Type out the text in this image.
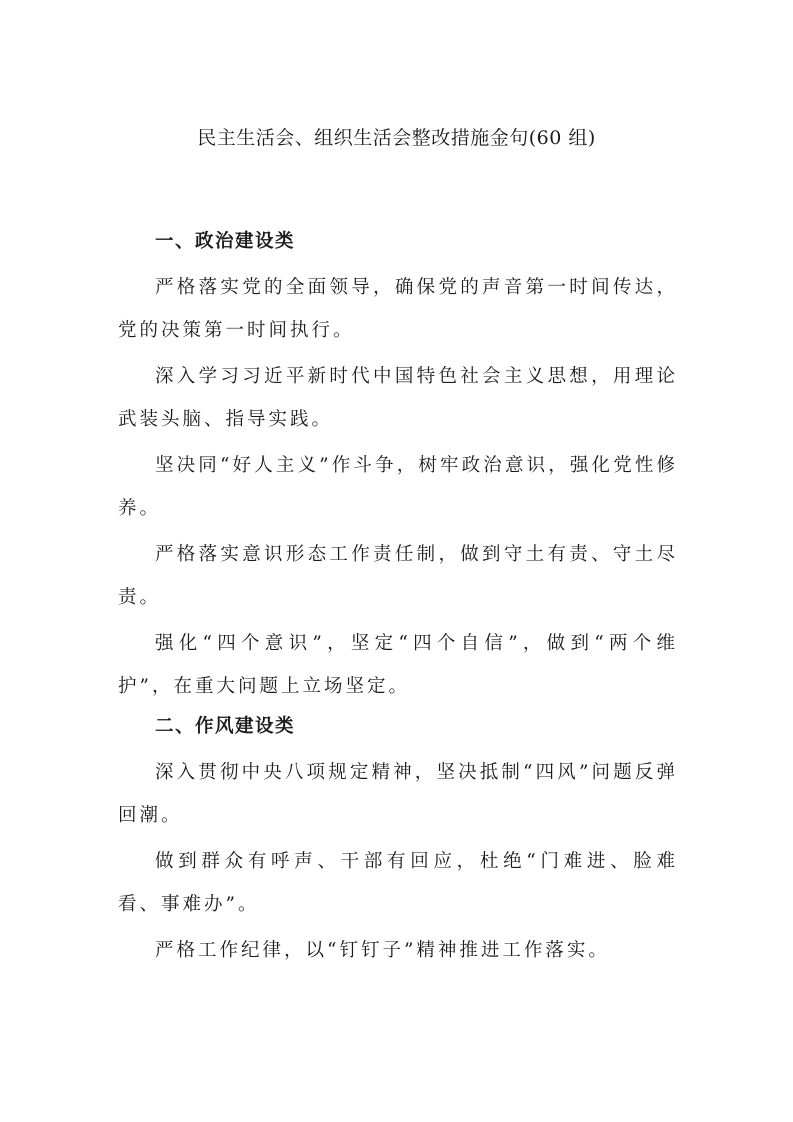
民主生活会、组织生活会整改措施金句(60 组)
一、政治建设类

严格落实党的全面领导，确保党的声音第一时间传达，党的决策第一时间执行。

深入学习习近平新时代中国特色社会主义思想，用理论武装头脑、指导实践。

坚决同“好人主义”作斗争，树牢政治意识，强化党性修养。

严格落实意识形态工作责任制，做到守土有责、守土尽责。

强化“四个意识”，坚定“四个自信”，做到“两个维护”，在重大问题上立场坚定。

二、作风建设类

深入贯彻中央八项规定精神，坚决抵制“四风”问题反弹回潮。

做到群众有呼声、干部有回应，杜绝“门难进、脸难看、事难办”。

严格工作纪律，以“钉钉子”精神推进工作落实。
